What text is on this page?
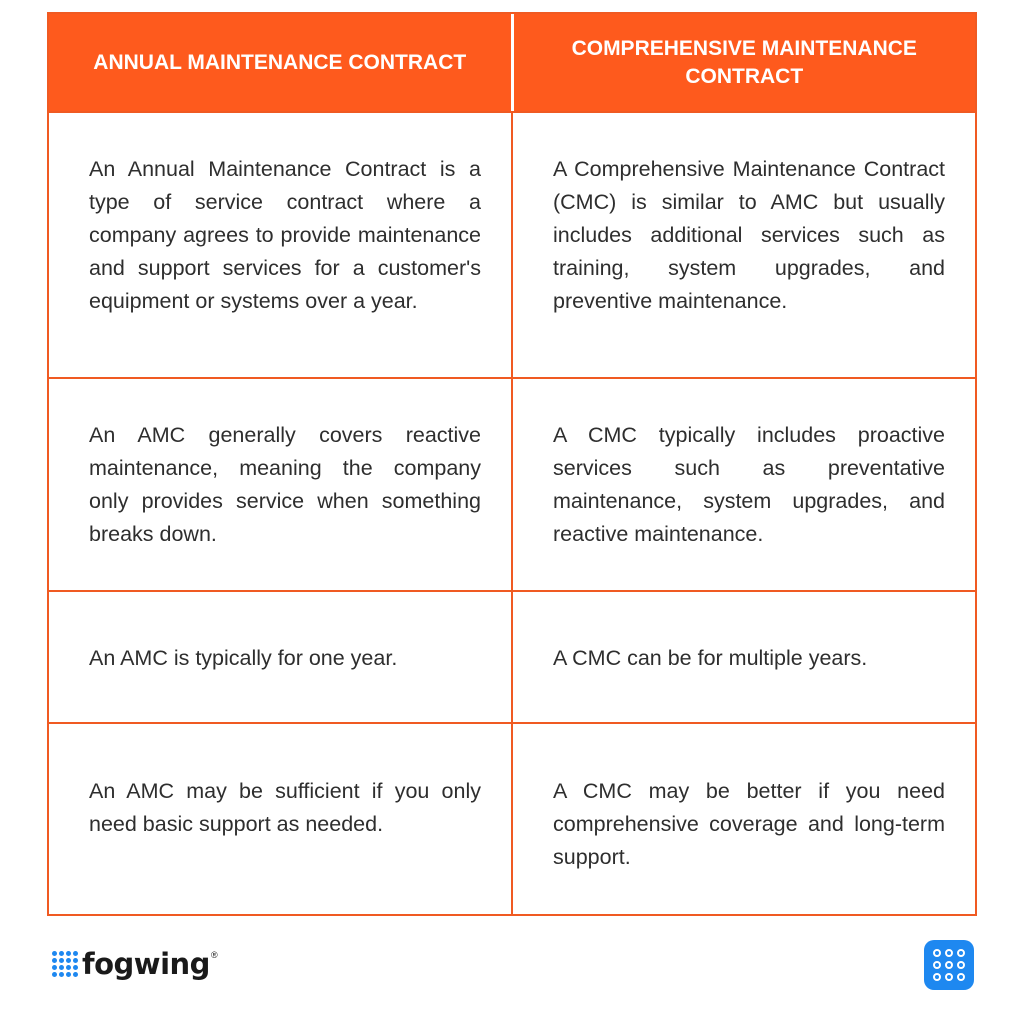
ANNUAL MAINTENANCE CONTRACT
COMPREHENSIVE MAINTENANCE CONTRACT
An Annual Maintenance Contract is a type of service contract where a company agrees to provide maintenance and support services for a customer's equipment or systems over a year.
A Comprehensive Maintenance Contract (CMC) is similar to AMC but usually includes additional services such as training, system upgrades, and preventive maintenance.
An AMC generally covers reactive maintenance, meaning the company only provides service when something breaks down.
A CMC typically includes proactive services such as preventative maintenance, system upgrades, and reactive maintenance.
An AMC is typically for one year.	A CMC can be for multiple years.
An AMC may be sufficient if you only need basic support as needed.
A CMC may be better if you need comprehensive coverage and long-term support.
fogwing ®
